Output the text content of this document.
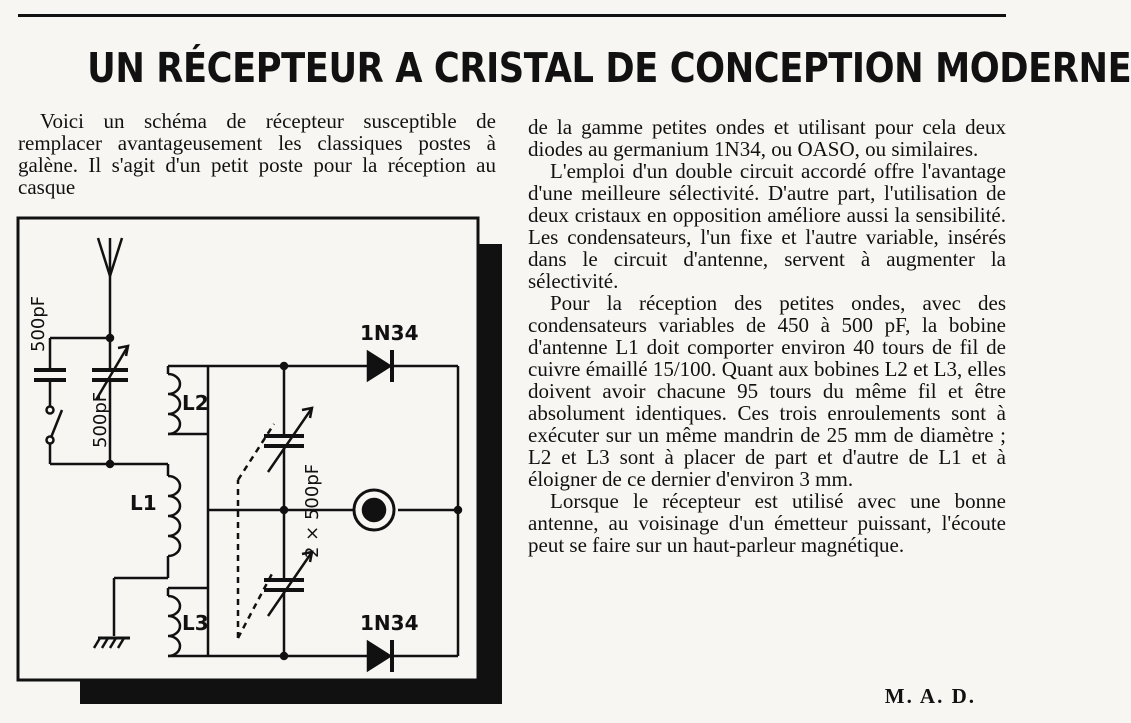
UN RÉCEPTEUR A CRISTAL DE CONCEPTION MODERNE
Voici un schéma de récepteur susceptible de remplacer avantageusement les classiques postes à galène. Il s'agit d'un petit poste pour la réception au casque
500pF
500pF
L1
L2
L3
1N34
1N34
2 × 500pF

de la gamme petites ondes et utilisant pour cela deux diodes au germanium 1N34, ou OASO, ou similaires.

L'emploi d'un double circuit accordé offre l'avantage d'une meilleure sélectivité. D'autre part, l'utilisation de deux cristaux en opposition améliore aussi la sensibilité. Les condensateurs, l'un fixe et l'autre variable, insérés dans le circuit d'antenne, servent à augmenter la sélectivité.

Pour la réception des petites ondes, avec des condensateurs variables de 450 à 500 pF, la bobine d'antenne L1 doit comporter environ 40 tours de fil de cuivre émaillé 15/100. Quant aux bobines L2 et L3, elles doivent avoir chacune 95 tours du même fil et être absolument identiques. Ces trois enroulements sont à exécuter sur un même mandrin de 25 mm de diamètre ; L2 et L3 sont à placer de part et d'autre de L1 et à éloigner de ce dernier d'environ 3 mm.

Lorsque le récepteur est utilisé avec une bonne antenne, au voisinage d'un émetteur puissant, l'écoute peut se faire sur un haut-parleur magnétique.

M. A. D.
